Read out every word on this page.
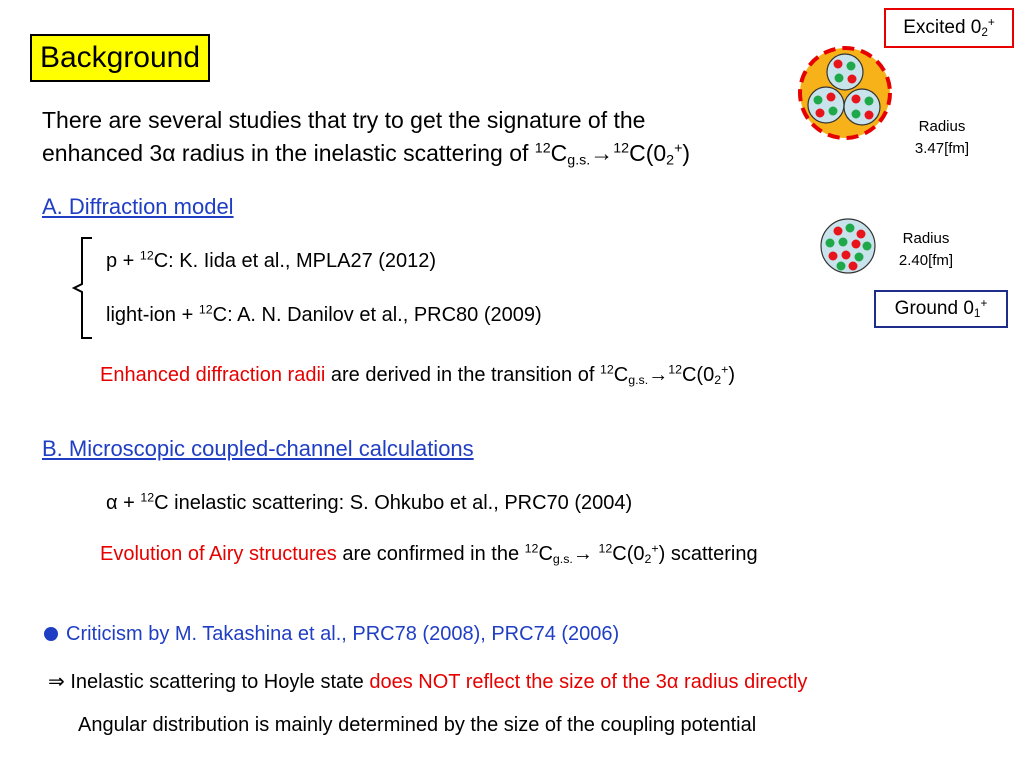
Background
Excited $0_2^+$
Radius
3.47[fm]
Radius
2.40[fm]
Ground $0_1^+$
There are several studies that try to get the signature of the
enhanced 3α radius in the inelastic scattering of $^{12}C_{g.s.}\to^{12}C(0_2^+)$
A. Diffraction model
p + $^{12}$C: K. Iida et al., MPLA27 (2012)
light-ion + $^{12}$C: A. N. Danilov et al., PRC80 (2009)
Enhanced diffraction radii are derived in the transition of $^{12}C_{g.s.}\to^{12}C(0_2^+)$
B. Microscopic coupled-channel calculations
α + $^{12}$C inelastic scattering: S. Ohkubo et al., PRC70 (2004)
Evolution of Airy structures are confirmed in the $^{12}C_{g.s.}\to ^{12}C(0_2^+)$ scattering
Criticism by M. Takashina et al., PRC78 (2008), PRC74 (2006)
⇒ Inelastic scattering to Hoyle state does NOT reflect the size of the 3α radius directly
Angular distribution is mainly determined by the size of the coupling potential
